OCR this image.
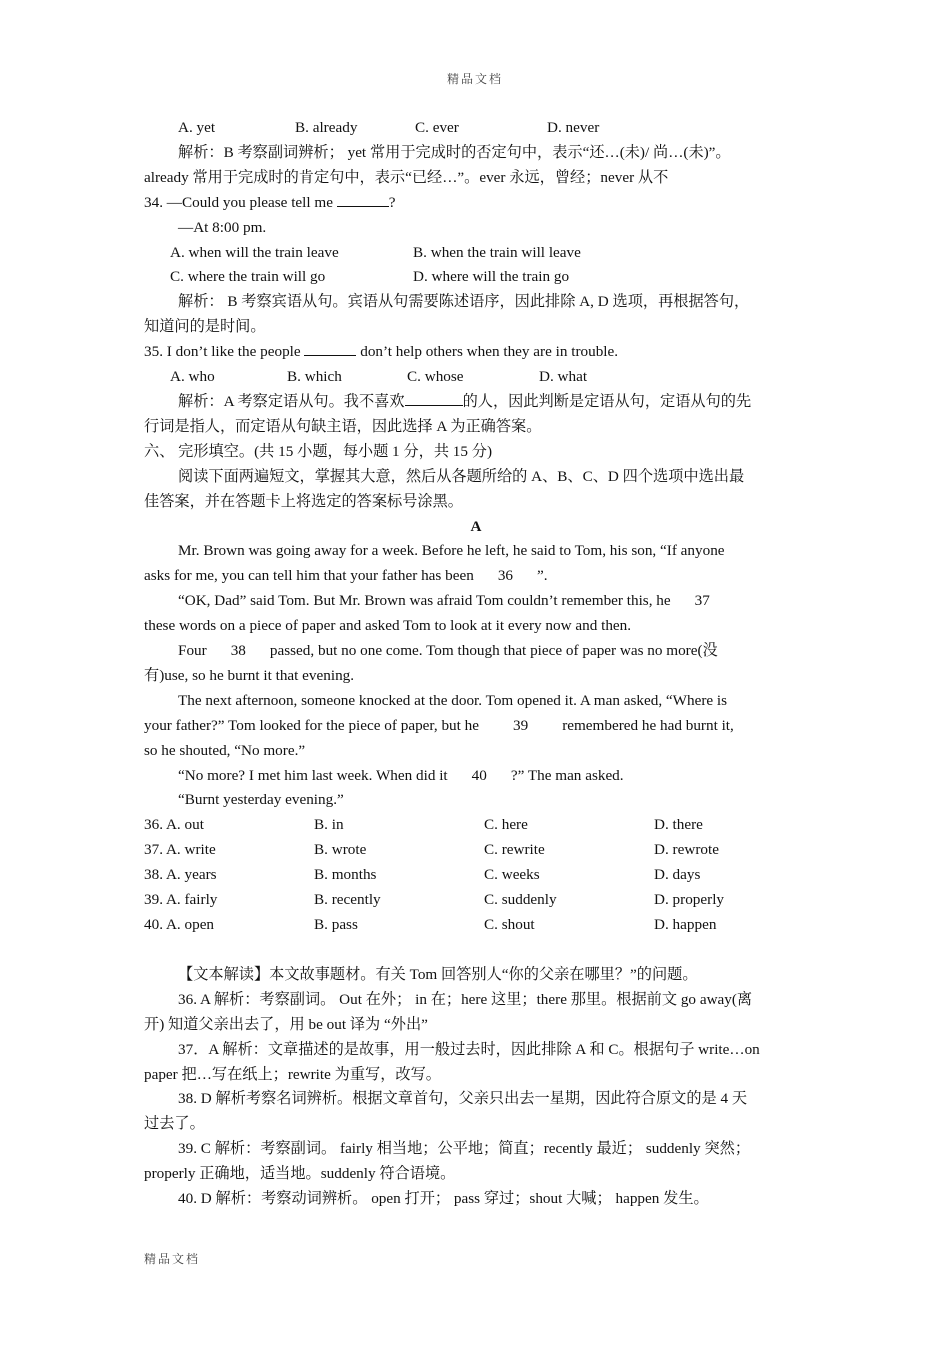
精品文档
A. yet	B. already	C. ever	D. never
解析：B 考察副词辨析； yet 常用于完成时的否定句中，表示“还…(未)/ 尚…(未)”。
already 常用于完成时的肯定句中，表示“已经…”。ever 永远，曾经；never 从不
34. —Could you please tell me	?
—At 8:00 pm.
A. when will the train leave	B. when the train will leave
C. where the train will go	D. where will the train go
解析： B 考察宾语从句。宾语从句需要陈述语序，因此排除 A, D 选项，再根据答句，
知道问的是时间。
35. I don’t like the people	don’t help others when they are in trouble.
A. who	B. which	C. whose	D. what
解析：A 考察定语从句。我不喜欢	的人，因此判断是定语从句，定语从句的先
行词是指人，而定语从句缺主语，因此选择 A 为正确答案。
六、 完形填空。(共 15 小题，每小题 1 分，共 15 分)
阅读下面两遍短文，掌握其大意，然后从各题所给的 A、B、C、D 四个选项中选出最
佳答案，并在答题卡上将选定的答案标号涂黑。
A
Mr. Brown was going away for a week. Before he left, he said to Tom, his son, “If anyone
asks for me, you can tell him that your father has been 36 ”.
“OK, Dad” said Tom. But Mr. Brown was afraid Tom couldn’t remember this, he 37
these words on a piece of paper and asked Tom to look at it every now and then.
Four 38 passed, but no one come. Tom though that piece of paper was no more(没
有)use, so he burnt it that evening.
The next afternoon, someone knocked at the door. Tom opened it. A man asked, “Where is
your father?” Tom looked for the piece of paper, but he 39 remembered he had burnt it,
so he shouted, “No more.”
“No more? I met him last week. When did it 40 ?” The man asked.
“Burnt yesterday evening.”
36. A. out	B. in	C. here	D. there
37. A. write	B. wrote	C. rewrite	D. rewrote
38. A. years	B. months	C. weeks	D. days
39. A. fairly	B. recently	C. suddenly	D. properly
40. A. open	B. pass	C. shout	D. happen
【文本解读】本文故事题材。有关 Tom 回答别人“你的父亲在哪里？”的问题。
36. A 解析：考察副词。 Out 在外； in 在；here 这里；there 那里。根据前文 go away(离
开) 知道父亲出去了，用 be out 译为 “外出”
37．A 解析：文章描述的是故事，用一般过去时，因此排除 A 和 C。根据句子 write…on
paper 把…写在纸上；rewrite 为重写，改写。
38. D 解析考察名词辨析。根据文章首句，父亲只出去一星期，因此符合原文的是 4 天
过去了。
39. C 解析：考察副词。 fairly 相当地；公平地；简直；recently 最近； suddenly 突然；
properly 正确地，适当地。suddenly 符合语境。
40. D 解析：考察动词辨析。 open 打开； pass 穿过；shout 大喊； happen 发生。
精品文档
